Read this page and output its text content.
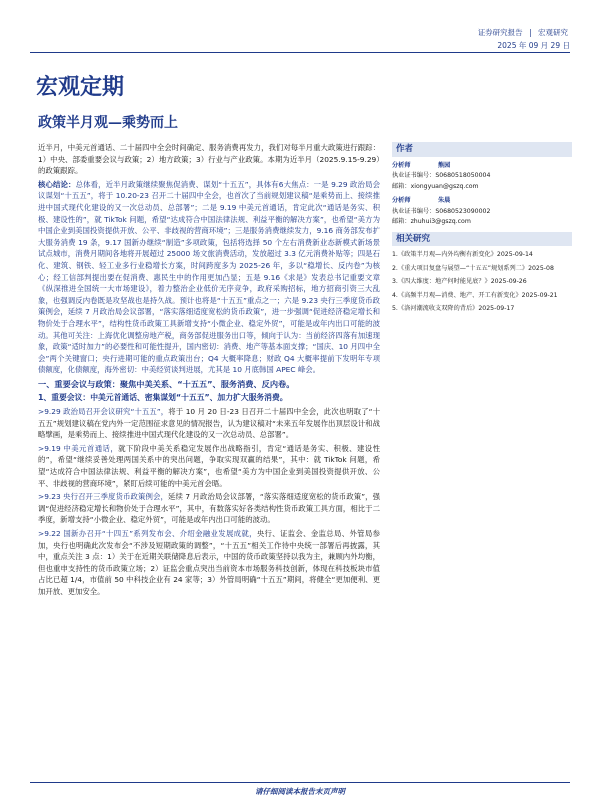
证券研究报告 | 宏观研究
2025 年 09 月 29 日
宏观定期
政策半月观—乘势而上

近半月，中美元首通话、二十届四中全会时间确定、服务消费再发力，我们对每半月重大政策进行跟踪：1）中央、部委重要会议与政策；2）地方政策；3）行业与产业政策。本期为近半月（2025.9.15-9.29）的政策跟踪。

核心结论：总体看，近半月政策继续聚焦促消费、谋划“十五五”，具体有6大焦点：一是 9.29 政治局会议谋划“十五五”，将于 10.20-23 召开二十届四中全会，也首次了当前规划建议稿“是乘势而上、接续推进中国式现代化建设的又一次总动员、总部署”；二是 9.19 中美元首通话，肯定此次“通话是务实、积极、建设性的”，就 TikTok 问题，希望“达成符合中国法律法规、利益平衡的解决方案”，也希望“美方为中国企业到美国投资提供开放、公平、非歧视的营商环境”；三是服务消费继续发力，9.16 商务部发布扩大服务消费 19 条，9.17 国新办继续“制造”多项政策，包括将选择 50 个左右消费新业态新模式新场景试点城市，消费月期间各地将开展超过 25000 场文旅消费活动，发放超过 3.3 亿元消费补贴等；四是石化、建筑、钢铁、轻工业多行业稳增长方案，时间跨度多为 2025-26 年，多以“稳增长、反内卷”为核心；经工信部判提出要在促消费、惠民生中的作用更加凸显；五是 9.16《求是》发表总书记重要文章《纵深推进全国统一大市场建设》，着力整治企业低价无序竞争，政府采购招标，地方招商引资三大乱象，也强调反内卷既是攻坚战也是持久战。预计也将是“十五五”重点之一；六是 9.23 央行三季度货币政策例会，延续 7 月政治局会议部署，“落实落细适度宽松的货币政策”，进一步强调“促进经济稳定增长和物价处于合理水平”，结构性货币政策工具新增支持“小微企业、稳定外贸”，可能是或年内出口可能的波动。其他可关注：上海优化调整房地产税，商务部促进服务出口等，倾向于认为：当前经济四落有加速现象，政策“适时加力”的必要性和可能性提升，国内密切：消费、地产等基本面支撑；“国庆、10 月四中全会”两个关键窗口；央行进期可能的重点政策出台；Q4 大概率降息；财政 Q4 大概率提前下发明年专项债额度，化债额度，海外密切：中美经贸谈判进展，尤其是 10 月底韩国 APEC 峰会。

一、重要会议与政策：聚焦中美关系、“十五五”、服务消费、反内卷。
1、重要会议：中美元首通话、密集谋划“十五五”、加力扩大服务消费。

>9.29 政治局召开会议研究“十五五”，将于 10 月 20 日-23 日召开二十届四中全会，此次也明取了“十五五”规划建议稿在党内外一定范围征求意见的情况报告，认为建议稿对“未来五年发展作出顶层设计和战略擘画，是乘势而上、接续推进中国式现代化建设的又一次总动员、总部署”。

>9.19 中美元首通话，就下阶段中美关系稳定发展作出战略指引，肯定“通话是务实、积极、建设性的”，希望“继续妥善处理两国关系中的突出问题，争取实现双赢的结果”，其中：就 TikTok 问题，希望“达成符合中国法律法规、利益平衡的解决方案”，也希望“美方为中国企业到美国投资提供开放、公平、非歧视的营商环境”，紧盯后续可能的中美元首会晤。

>9.23 央行召开三季度货币政策例会，延续 7 月政治局会议部署，“落实落细适度宽松的货币政策”，强调“促进经济稳定增长和物价处于合理水平”，其中，有数落实好各类结构性货币政策工具方面，相比于二季度，新增支持“小微企业、稳定外贸”，可能是或年内出口可能的波动。

>9.22 国新办召开“十四五”系列发布会、介绍金融业发展成就，央行、证监会、金监总局、外管局参加，央行也明确此次发布会“不涉及短期政策的调整”，“十五五”相关工作待中央统一部署后再披露，其中，重点关注 3 点：1）关于在近期关联储降息后表示，中国的货币政策坚持以我为主，兼顾内外均衡，但也重申支持性的货币政策立场；2）证监会重点突出当前资本市场服务科技创新，体现在科技板块市值占比已超 1/4，市值前 50 中科技企业有 24 家等；3）外管局明确“十五五”期间，将健全“更加便利、更加开放、更加安全。

作者
分析师	熊园
执业证书编号：S0680518050004
邮箱：xiongyuan@gszq.com
分析师	朱晨
执业证书编号：S0680523090002
邮箱：zhuhui3@gszq.com
相关研究
1.《政策半月观—内外均衡有新变化》2025-09-14
2.《重大项目复盘与展望—“十五五”规划系列二》2025-08
3.《四大维度：地产何时能见底？》2025-09-26
4.《高频半月观—消费、地产、开工有新变化》2025-09-21
5.《洛河潮流收支双降的背后》2025-09-17
请仔细阅读本报告末页声明
